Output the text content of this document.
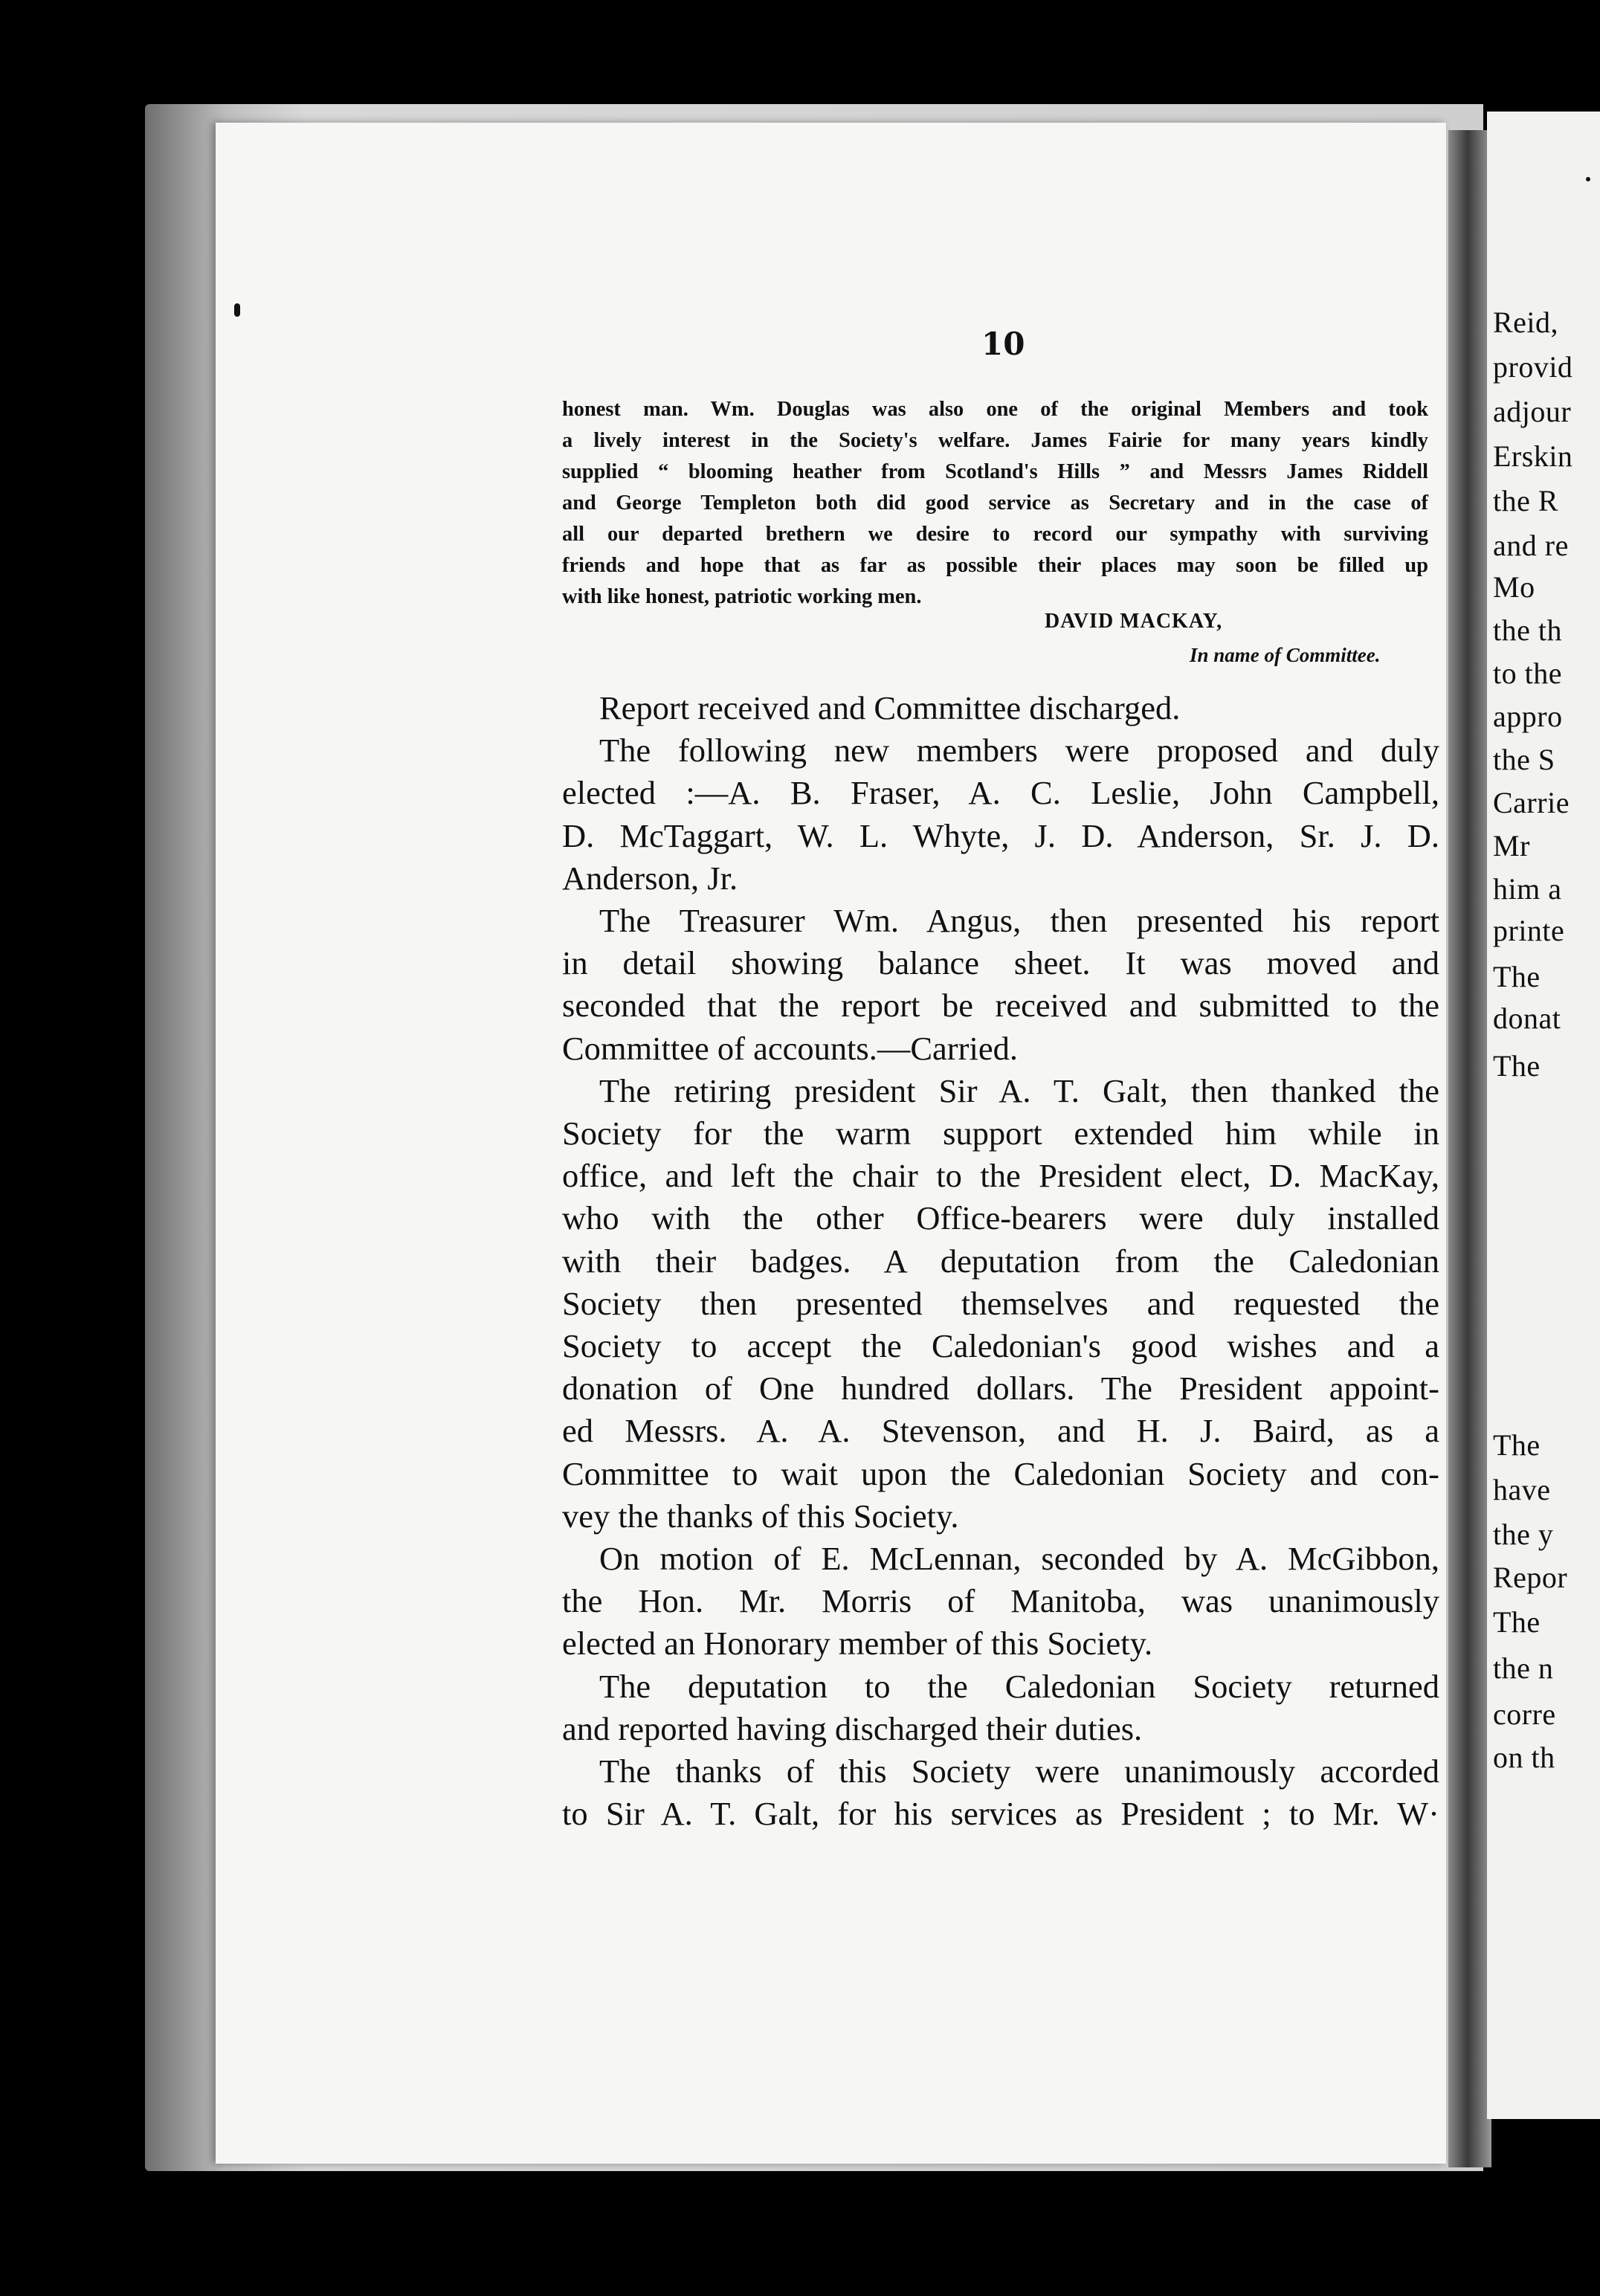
Reid,
provid
adjour
Erskin
the R
and re
Mo
the th
to the
appro
the S
Carrie
Mr
him a
printe
The
donat
The
The
have
the y
Repor
The
the n
corre
on th
10
honest man. Wm. Douglas was also one of the original Members and took
a lively interest in the Society's welfare. James Fairie for many years kindly
supplied “ blooming heather from Scotland's Hills ” and Messrs James Riddell
and George Templeton both did good service as Secretary and in the case of
all our departed brethern we desire to record our sympathy with surviving
friends and hope that as far as possible their places may soon be filled up
with like honest, patriotic working men.
DAVID MACKAY,
In name of Committee.
Report received and Committee discharged.
The following new members were proposed and duly
elected :—A. B. Fraser, A. C. Leslie, John Campbell,
D. McTaggart, W. L. Whyte, J. D. Anderson, Sr. J. D.
Anderson, Jr.
The Treasurer Wm. Angus, then presented his report
in detail showing balance sheet. It was moved and
seconded that the report be received and submitted to the
Committee of accounts.—Carried.
The retiring president Sir A. T. Galt, then thanked the
Society for the warm support extended him while in
office, and left the chair to the President elect, D. MacKay,
who with the other Office-bearers were duly installed
with their badges. A deputation from the Caledonian
Society then presented themselves and requested the
Society to accept the Caledonian's good wishes and a
donation of One hundred dollars. The President appoint-
ed Messrs. A. A. Stevenson, and H. J. Baird, as a
Committee to wait upon the Caledonian Society and con-
vey the thanks of this Society.
On motion of E. McLennan, seconded by A. McGibbon,
the Hon. Mr. Morris of Manitoba, was unanimously
elected an Honorary member of this Society.
The deputation to the Caledonian Society returned
and reported having discharged their duties.
The thanks of this Society were unanimously accorded
to Sir A. T. Galt, for his services as President ; to Mr. W·
